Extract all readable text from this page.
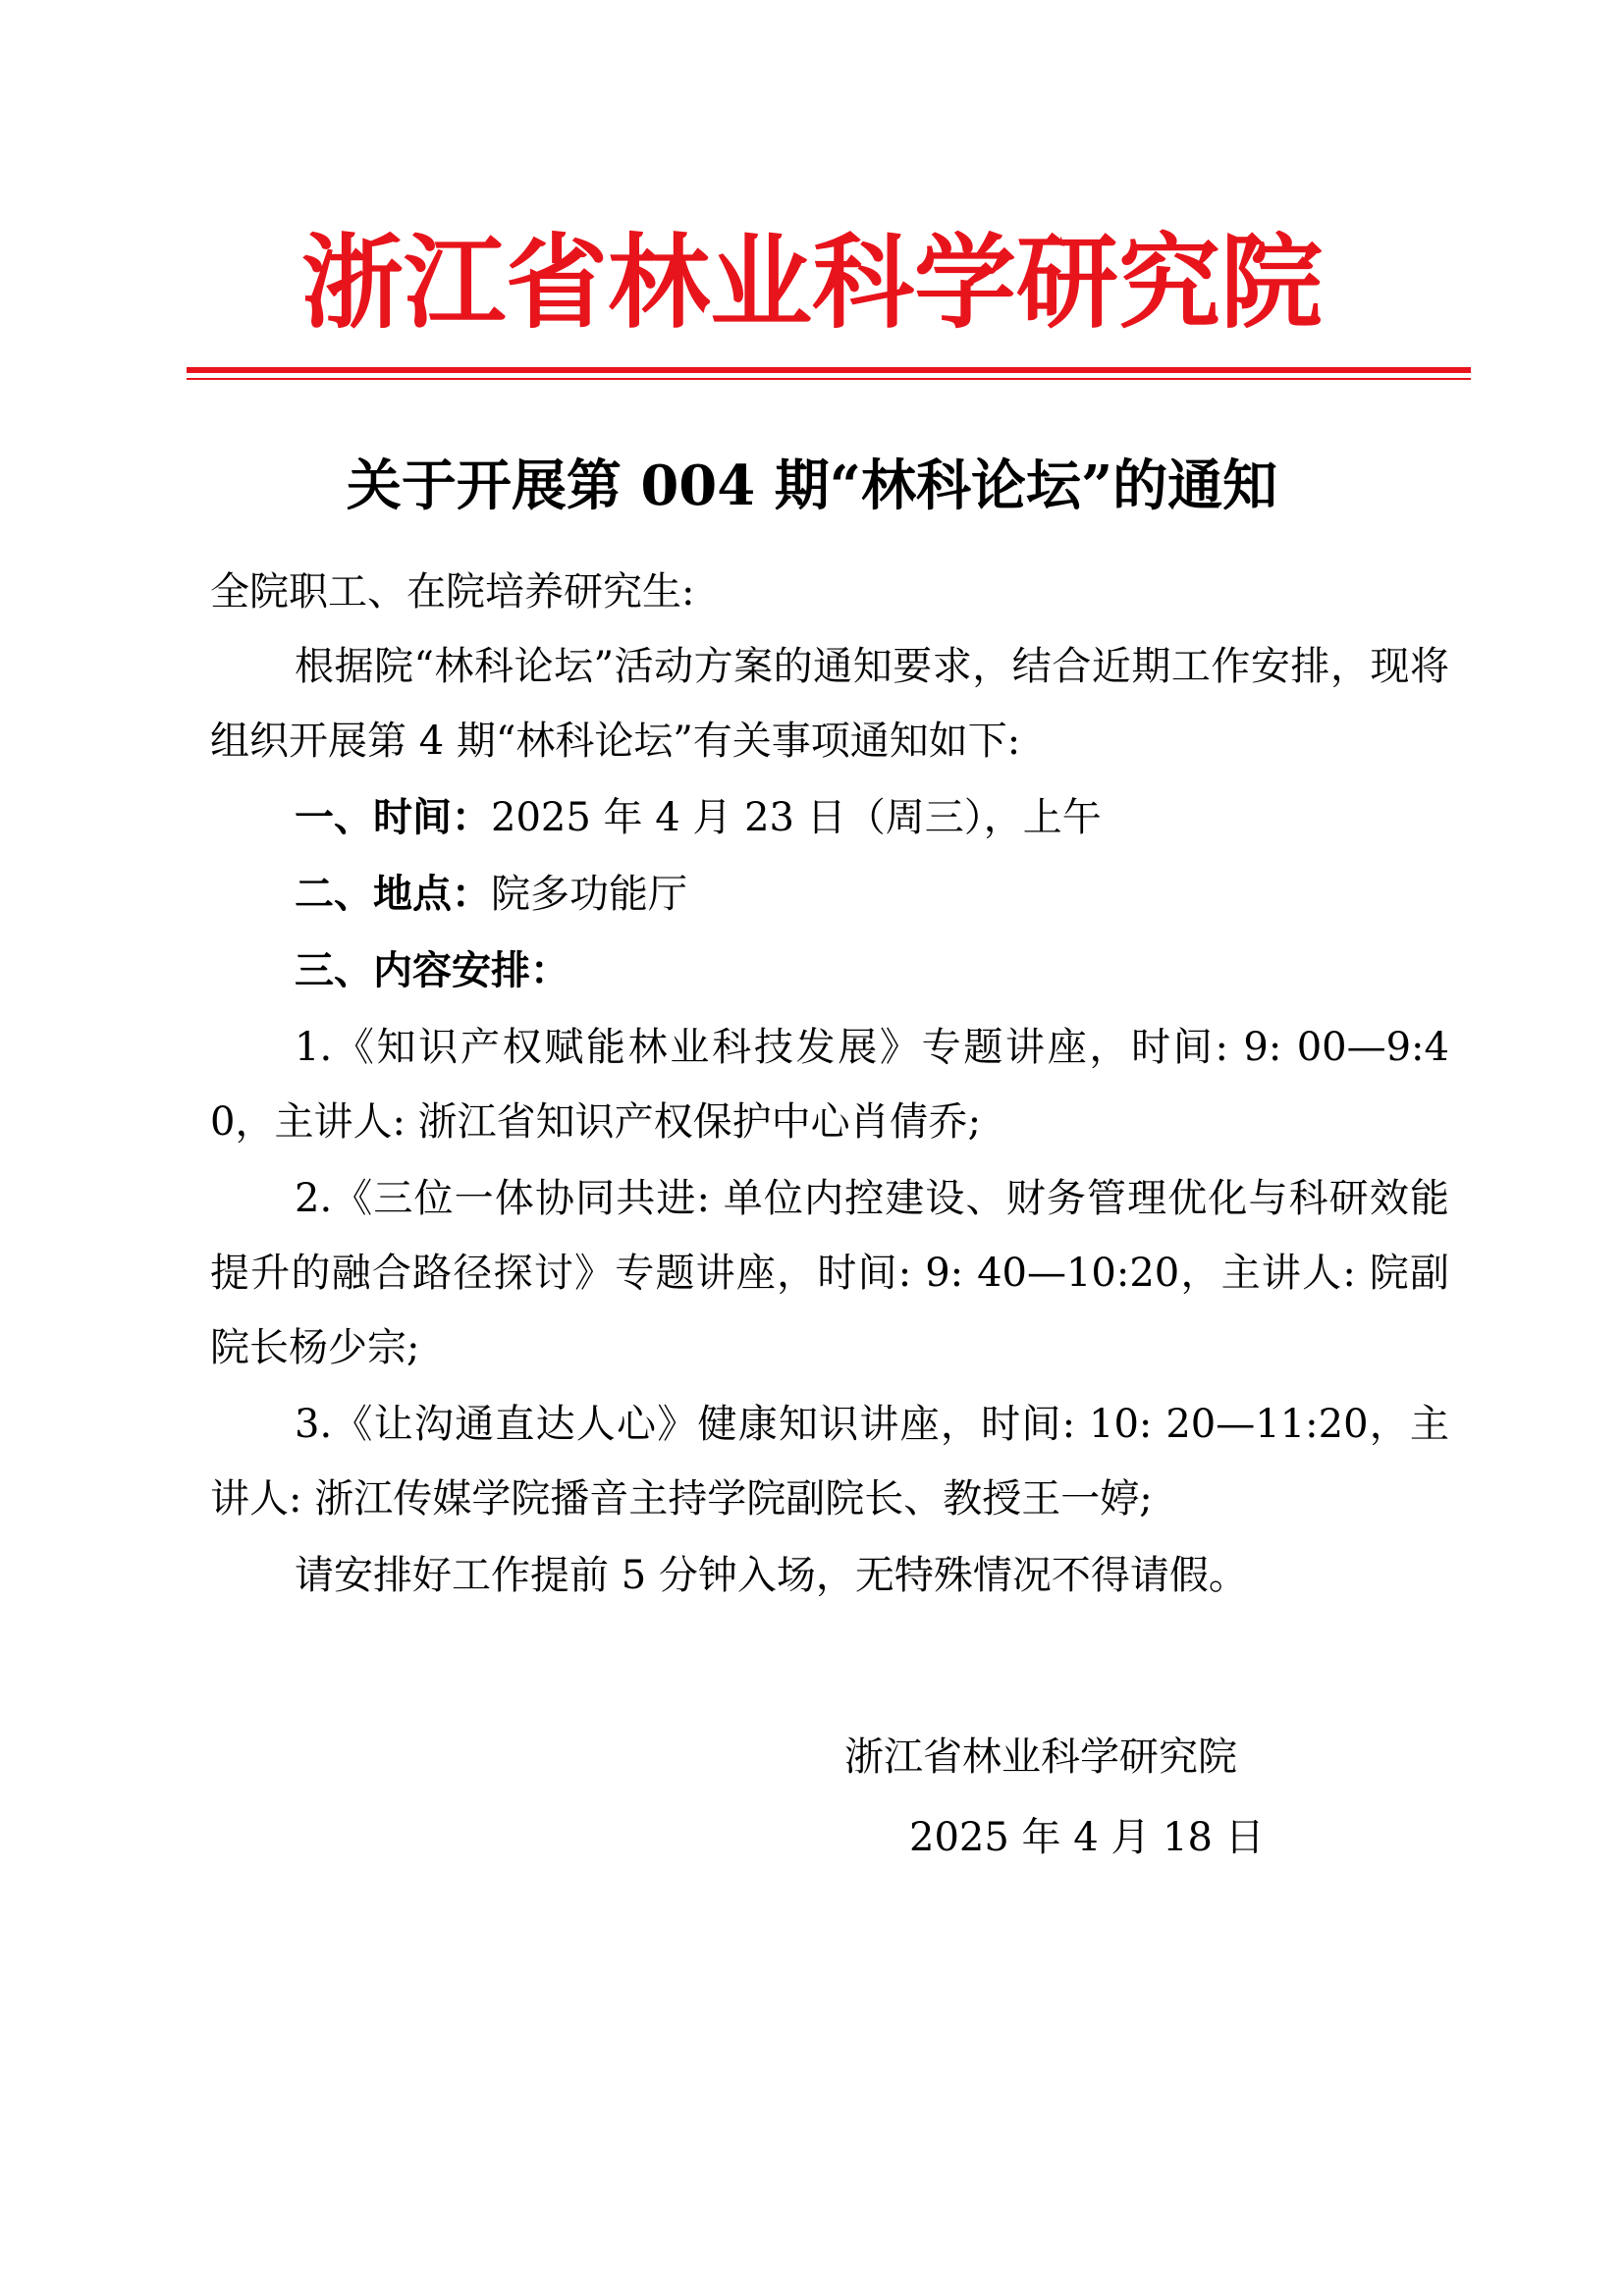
浙江省林业科学研究院
关于开展第 004 期“林科论坛”的通知
全院职工、在院培养研究生:
根据院“林科论坛”活动方案的通知要求，结合近期工作安排，现将组织开展第 4 期“林科论坛”有关事项通知如下:
一、时间：2025 年 4 月 23 日（周三），上午
二、地点：院多功能厅
三、内容安排：
1.《知识产权赋能林业科技发展》专题讲座，时间: 9: 00—9:40，主讲人: 浙江省知识产权保护中心肖倩乔;
2.《三位一体协同共进: 单位内控建设、财务管理优化与科研效能提升的融合路径探讨》专题讲座，时间: 9: 40—10:20，主讲人: 院副院长杨少宗;
3.《让沟通直达人心》健康知识讲座，时间: 10: 20—11:20，主讲人: 浙江传媒学院播音主持学院副院长、教授王一婷;
请安排好工作提前 5 分钟入场，无特殊情况不得请假。
浙江省林业科学研究院
2025 年 4 月 18 日
